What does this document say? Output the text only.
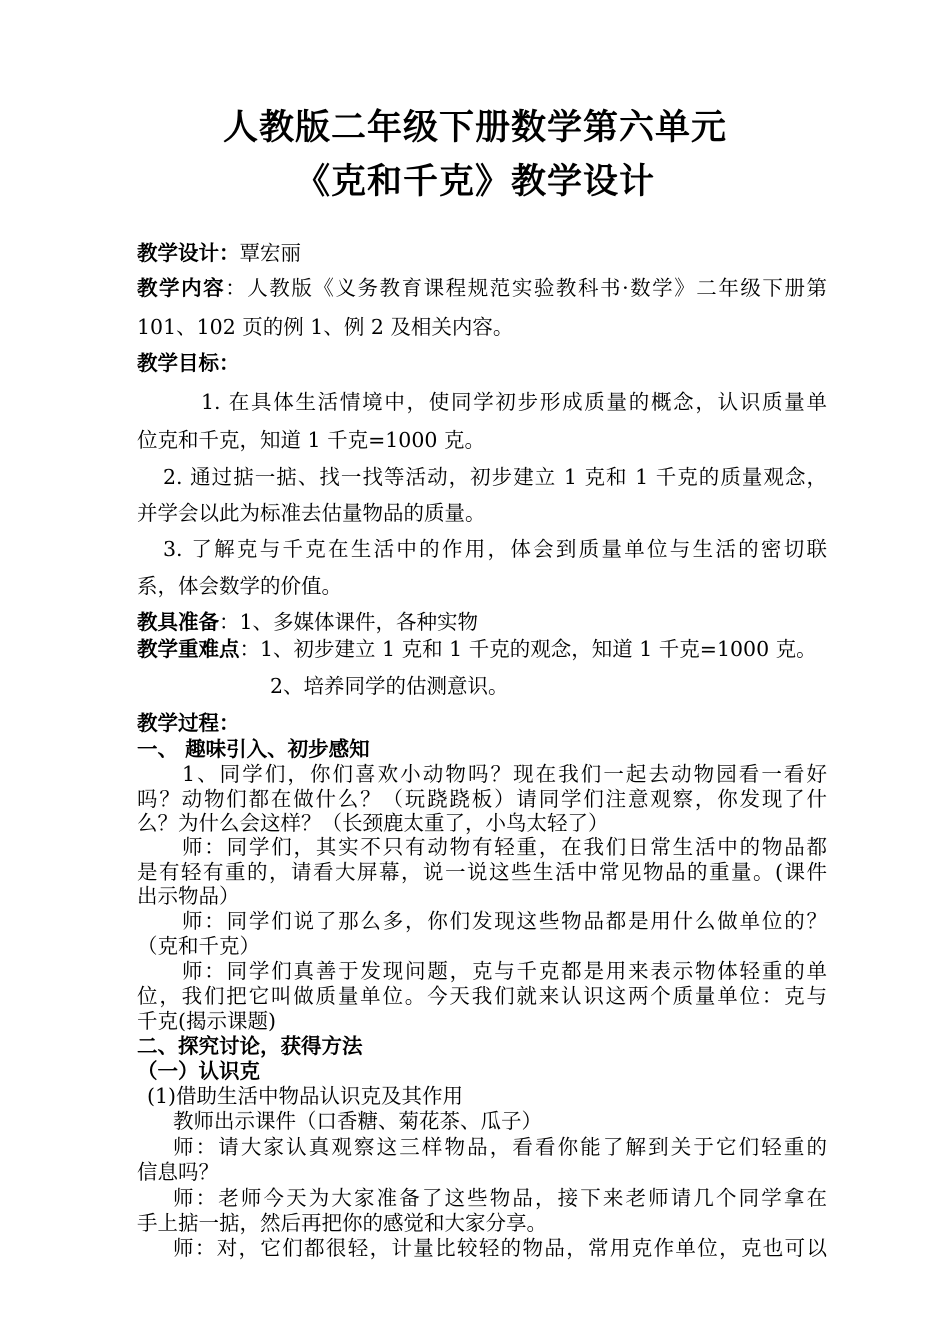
人教版二年级下册数学第六单元
《克和千克》教学设计
教学设计：覃宏丽
教学内容：人教版《义务教育课程规范实验教科书·数学》二年级下册第
101、102 页的例 1、例 2 及相关内容。
教学目标：
1. 在具体生活情境中，使同学初步形成质量的概念，认识质量单
位克和千克，知道 1 千克=1000 克。
2. 通过掂一掂、找一找等活动，初步建立 1 克和 1 千克的质量观念，
并学会以此为标准去估量物品的质量。
3. 了解克与千克在生活中的作用，体会到质量单位与生活的密切联
系，体会数学的价值。
教具准备：1、多媒体课件，各种实物
教学重难点：1、初步建立 1 克和 1 千克的观念，知道 1 千克=1000 克。
2、培养同学的估测意识。
教学过程：
一、 趣味引入、初步感知
1、同学们，你们喜欢小动物吗？现在我们一起去动物园看一看好
吗？动物们都在做什么？（玩跷跷板）请同学们注意观察，你发现了什
么？为什么会这样？（长颈鹿太重了，小鸟太轻了）
师：同学们，其实不只有动物有轻重，在我们日常生活中的物品都
是有轻有重的，请看大屏幕，说一说这些生活中常见物品的重量。(课件
出示物品）
师：同学们说了那么多，你们发现这些物品都是用什么做单位的？
（克和千克）
师：同学们真善于发现问题，克与千克都是用来表示物体轻重的单
位，我们把它叫做质量单位。今天我们就来认识这两个质量单位：克与
千克(揭示课题)
二、探究讨论，获得方法
（一）认识克
(1)借助生活中物品认识克及其作用
教师出示课件（口香糖、菊花茶、瓜子）
师：请大家认真观察这三样物品，看看你能了解到关于它们轻重的
信息吗？
师：老师今天为大家准备了这些物品，接下来老师请几个同学拿在
手上掂一掂，然后再把你的感觉和大家分享。
师：对，它们都很轻，计量比较轻的物品，常用克作单位，克也可以
